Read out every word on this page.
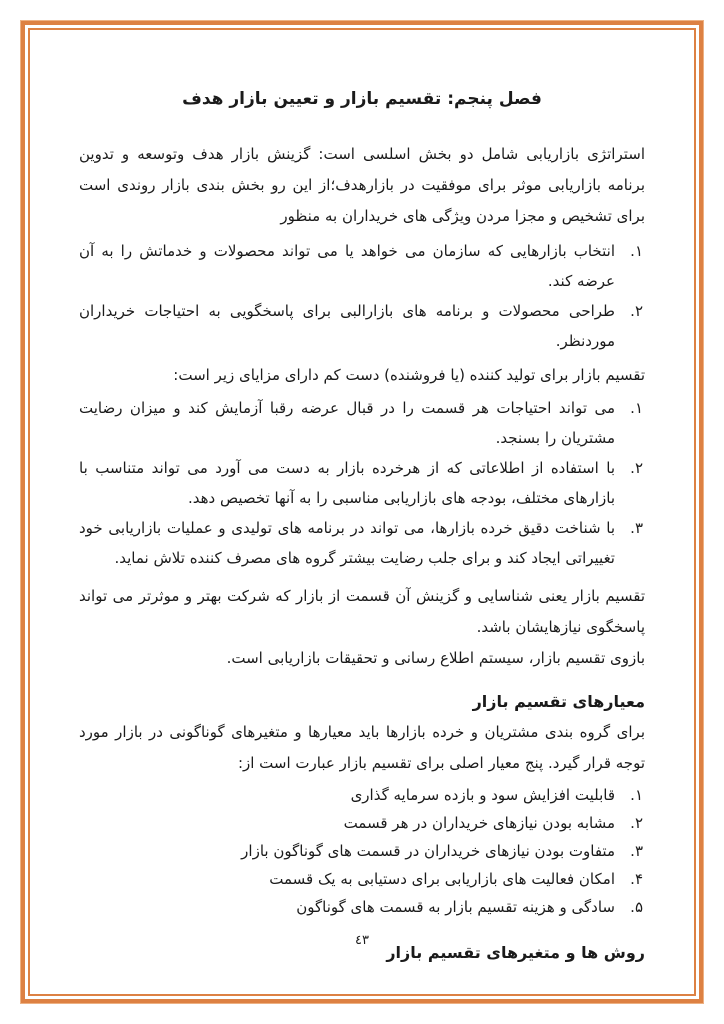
فصل پنجم: تقسیم بازار و تعیین بازار هدف

استراتژی بازاریابی شامل دو بخش اسلسی است: گزینش بازار هدف وتوسعه و تدوین برنامه بازاریابی موثر برای موفقیت در بازارهدف؛از این رو بخش بندی بازار روندی است برای تشخیص و مجزا مردن ویژگی های خریداران به منظور

۱.
انتخاب بازارهایی که سازمان می خواهد یا می تواند محصولات و خدماتش را به آن عرضه کند.
۲.
طراحی محصولات و برنامه های بازارالبی برای پاسخگویی به احتیاجات خریداران موردنظر.

تقسیم بازار برای تولید کننده (یا فروشنده) دست کم دارای مزایای زیر است:

۱.
می تواند احتیاجات هر قسمت را در قبال عرضه رقبا آزمایش کند و میزان رضایت مشتریان را بسنجد.
۲.
با استفاده از اطلاعاتی که از هرخرده بازار به دست می آورد می تواند متناسب با بازارهای مختلف، بودجه های بازاریابی مناسبی را به آنها تخصیص دهد.
۳.
با شناخت دقیق خرده بازارها، می تواند در برنامه های تولیدی و عملیات بازاریابی خود تغییراتی ایجاد کند و برای جلب رضایت بیشتر گروه های مصرف کننده تلاش نماید.

تقسیم بازار یعنی شناسایی و گزینش آن قسمت از بازار که شرکت بهتر و موثرتر می تواند پاسخگوی نیازهایشان باشد.

بازوی تقسیم بازار، سیستم اطلاع رسانی و تحقیقات بازاریابی است.

معیارهای تقسیم بازار

برای گروه بندی مشتریان و خرده بازارها باید معیارها و متغیرهای گوناگونی در بازار مورد توجه قرار گیرد. پنج معیار اصلی برای تقسیم بازار عبارت است از:

۱.
قابلیت افزایش سود و بازده سرمایه گذاری
۲.
مشابه بودن نیازهای خریداران در هر قسمت
۳.
متفاوت بودن نیازهای خریداران در قسمت های گوناگون بازار
۴.
امکان فعالیت های بازاریابی برای دستیابی به یک قسمت
۵.
سادگی و هزینه تقسیم بازار به قسمت های گوناگون
روش ها و متغیرهای تقسیم بازار
٤٣
